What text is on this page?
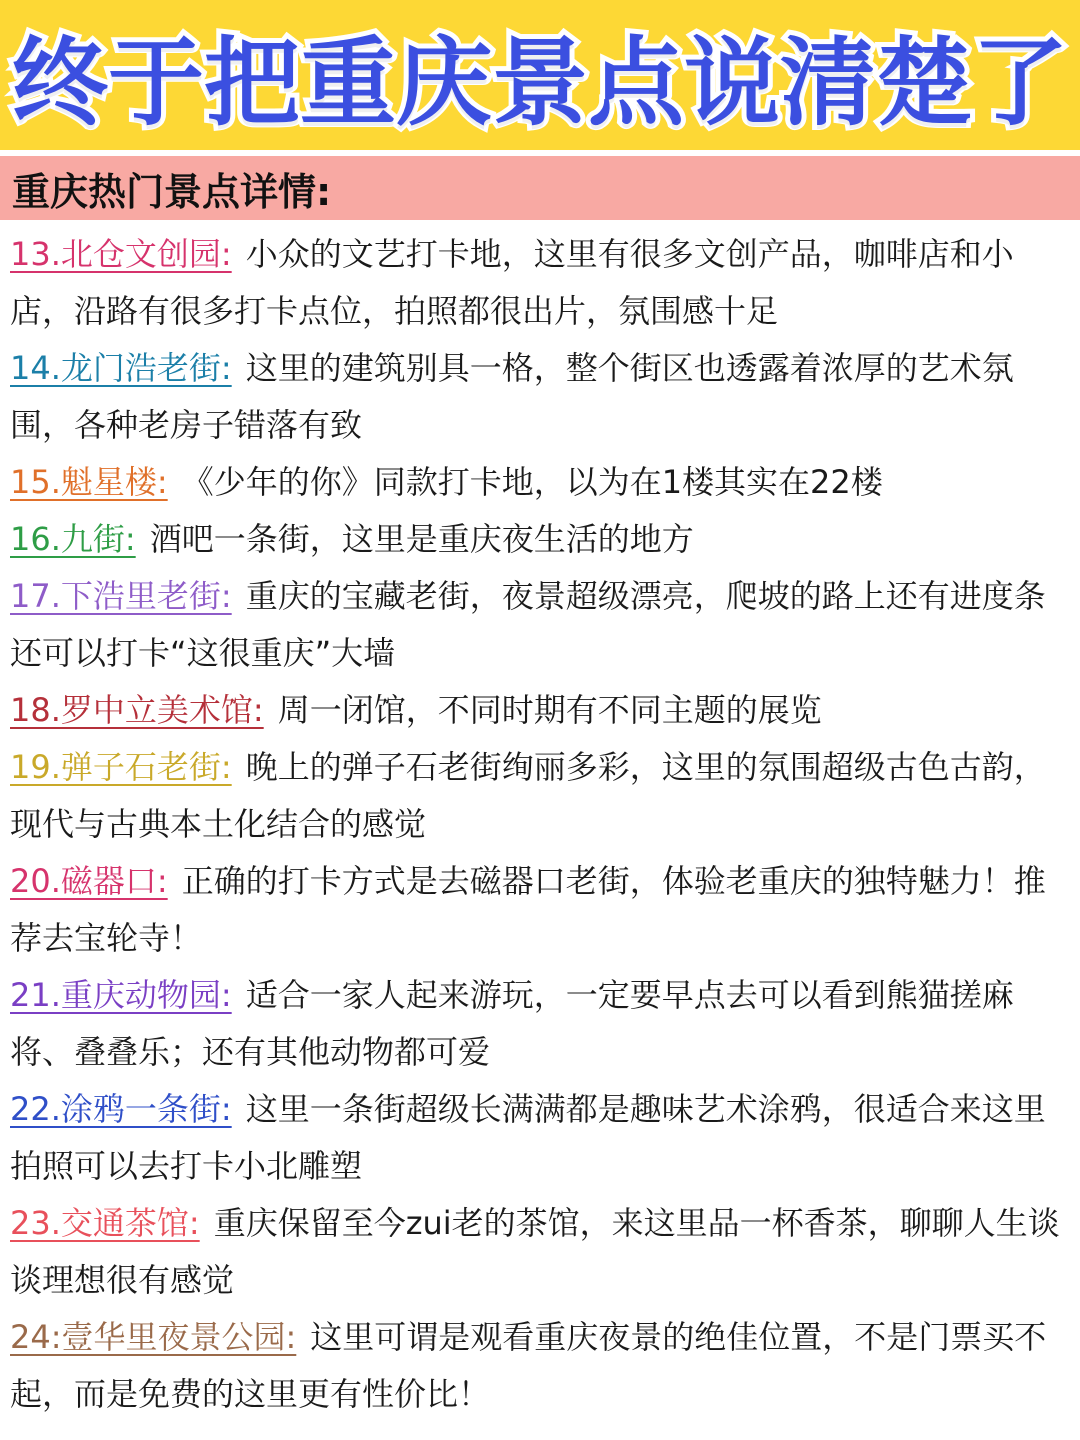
终于把重庆景点说清楚了
重庆热门景点详情:

13.北仓文创园: 小众的文艺打卡地，这里有很多文创产品，咖啡店和小店，沿路有很多打卡点位，拍照都很出片，氛围感十足

14.龙门浩老街: 这里的建筑别具一格，整个街区也透露着浓厚的艺术氛围，各种老房子错落有致

15.魁星楼: 《少年的你》同款打卡地，以为在1楼其实在22楼

16.九街: 酒吧一条街，这里是重庆夜生活的地方

17.下浩里老街: 重庆的宝藏老街，夜景超级漂亮，爬坡的路上还有进度条还可以打卡“这很重庆”大墙

18.罗中立美术馆: 周一闭馆，不同时期有不同主题的展览

19.弹子石老街: 晚上的弹子石老街绚丽多彩，这里的氛围超级古色古韵，现代与古典本土化结合的感觉

20.磁器口: 正确的打卡方式是去磁器口老街，体验老重庆的独特魅力！推荐去宝轮寺！

21.重庆动物园: 适合一家人起来游玩，一定要早点去可以看到熊猫搓麻将、叠叠乐；还有其他动物都可爱

22.涂鸦一条街: 这里一条街超级长满满都是趣味艺术涂鸦，很适合来这里拍照可以去打卡小北雕塑

23.交通茶馆: 重庆保留至今zui老的茶馆，来这里品一杯香茶，聊聊人生谈谈理想很有感觉

24:壹华里夜景公园: 这里可谓是观看重庆夜景的绝佳位置，不是门票买不起，而是免费的这里更有性价比！
